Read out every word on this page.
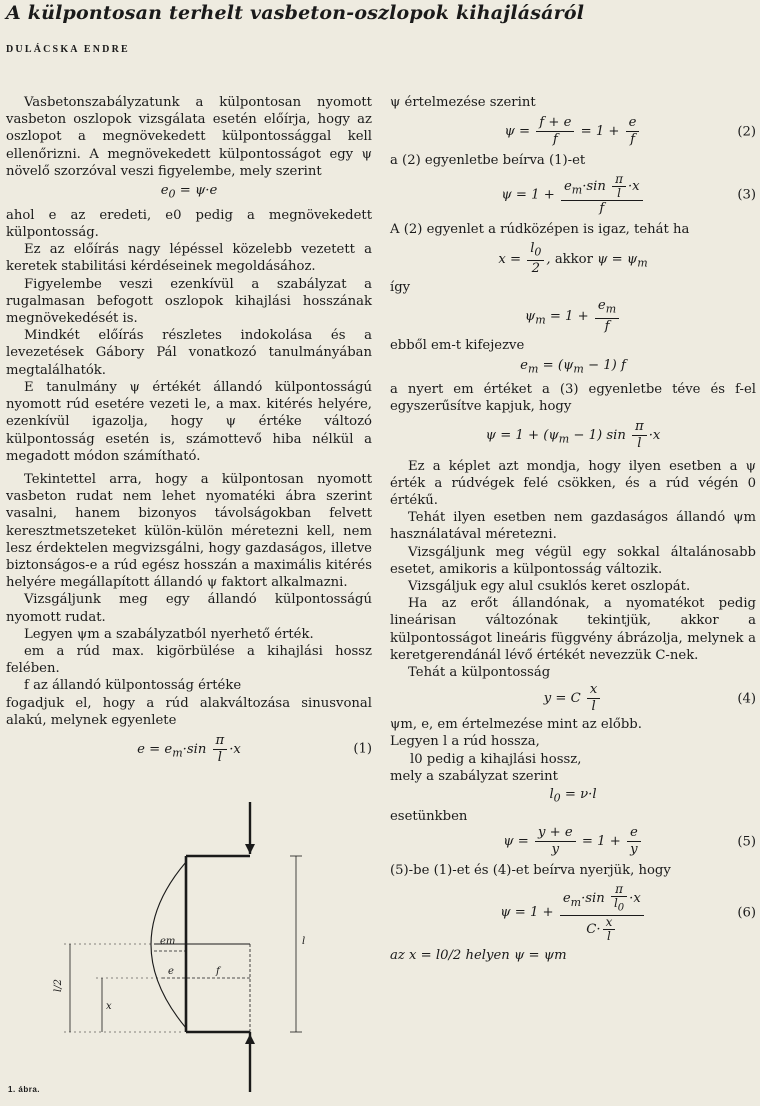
A külpontosan terhelt vasbeton-oszlopok kihajlásáról
DULÁCSKA ENDRE

Vasbetonszabályzatunk a külpontosan nyomott vasbeton oszlopok vizsgálata esetén előírja, hogy az oszlopot a megnövekedett külpontossággal kell ellenőrizni. A megnövekedett külpontosságot egy ψ növelő szorzóval veszi figyelembe, mely szerint

$e_0 = \psi\cdot e$

ahol e az eredeti, e0 pedig a megnövekedett külpontosság.

Ez az előírás nagy lépéssel közelebb vezetett a keretek stabilitási kérdéseinek megoldásához.

Figyelembe veszi ezenkívül a szabályzat a rugalmasan befogott oszlopok kihajlási hosszának megnövekedését is.

Mindkét előírás részletes indokolása és a levezetések Gábory Pál vonatkozó tanulmányában megtalálhatók.

E tanulmány ψ értékét állandó külpontosságú nyomott rúd esetére vezeti le, a max. kitérés helyére, ezenkívül igazolja, hogy ψ értéke változó külpontosság esetén is, számottevő hiba nélkül a megadott módon számítható.

Tekintettel arra, hogy a külpontosan nyomott vasbeton rudat nem lehet nyomatéki ábra szerint vasalni, hanem bizonyos távolságokban felvett keresztmetszeteket külön-külön méretezni kell, nem lesz érdektelen megvizsgálni, hogy gazdaságos, illetve biztonságos-e a rúd egész hosszán a maximális kitérés helyére megállapított állandó ψ faktort alkalmazni.

Vizsgáljunk meg egy állandó külpontosságú nyomott rudat.

Legyen ψm a szabályzatból nyerhető érték.

em a rúd max. kigörbülése a kihajlási hossz felében.

f az állandó külpontosság értéke

fogadjuk el, hogy a rúd alakváltozása sinusvonal alakú, melynek egyenlete

$e = e_m\cdot\sin \frac{\pi}{l} \cdot x$	(1)
em
e	f
l
l/2
x
1. ábra.

ψ értelmezése szerint

$\psi = \frac{f + e}{f} = 1 + \frac{e}{f}$	(2)

a (2) egyenletbe beírva (1)-et

$\psi = 1 + \frac{e_m\cdot\sin \frac{\pi}{l} \cdot x}{f}$	(3)

A (2) egyenlet a rúdközépen is igaz, tehát ha

$x = \frac{l_0}{2}$ , akkor $\psi = \psi_m$

így

$\psi_m = 1 + \frac{e_m}{f}$

ebből em-t kifejezve

$e_m = (\psi_m - 1)$ f

a nyert em értéket a (3) egyenletbe téve és f-el egyszerűsítve kapjuk, hogy

$\psi = 1 + (\psi_m - 1)$ $\sin \frac{\pi}{l} \cdot x$

Ez a képlet azt mondja, hogy ilyen esetben a ψ érték a rúdvégek felé csökken, és a rúd végén 0 értékű.

Tehát ilyen esetben nem gazdaságos állandó ψm használatával méretezni.

Vizsgáljunk meg végül egy sokkal általánosabb esetet, amikoris a külpontosság változik.

Vizsgáljuk egy alul csuklós keret oszlopát.

Ha az erőt állandónak, a nyomatékot pedig lineárisan változónak tekintjük, akkor a külpontosságot lineáris függvény ábrázolja, melynek a keretgerendánál lévő értékét nevezzük C-nek.

Tehát a külpontosság

y = C $\frac{x}{l}$	(4)

ψm, e, em értelmezése mint az előbb.

Legyen l a rúd hossza,

l0 pedig a kihajlási hossz,

mely a szabályzat szerint

$l_0 = \nu\cdot l$

esetünkben

$\psi = \frac{y + e}{y} = 1 + \frac{e}{y}$	(5)

(5)-be (1)-et és (4)-et beírva nyerjük, hogy

$\psi = 1 + \frac{e_m\cdot\sin \frac{\pi}{l_0} \cdot x}{C\cdot \frac{x}{l}}$	(6)

az x = l0/2 helyen ψ = ψm
